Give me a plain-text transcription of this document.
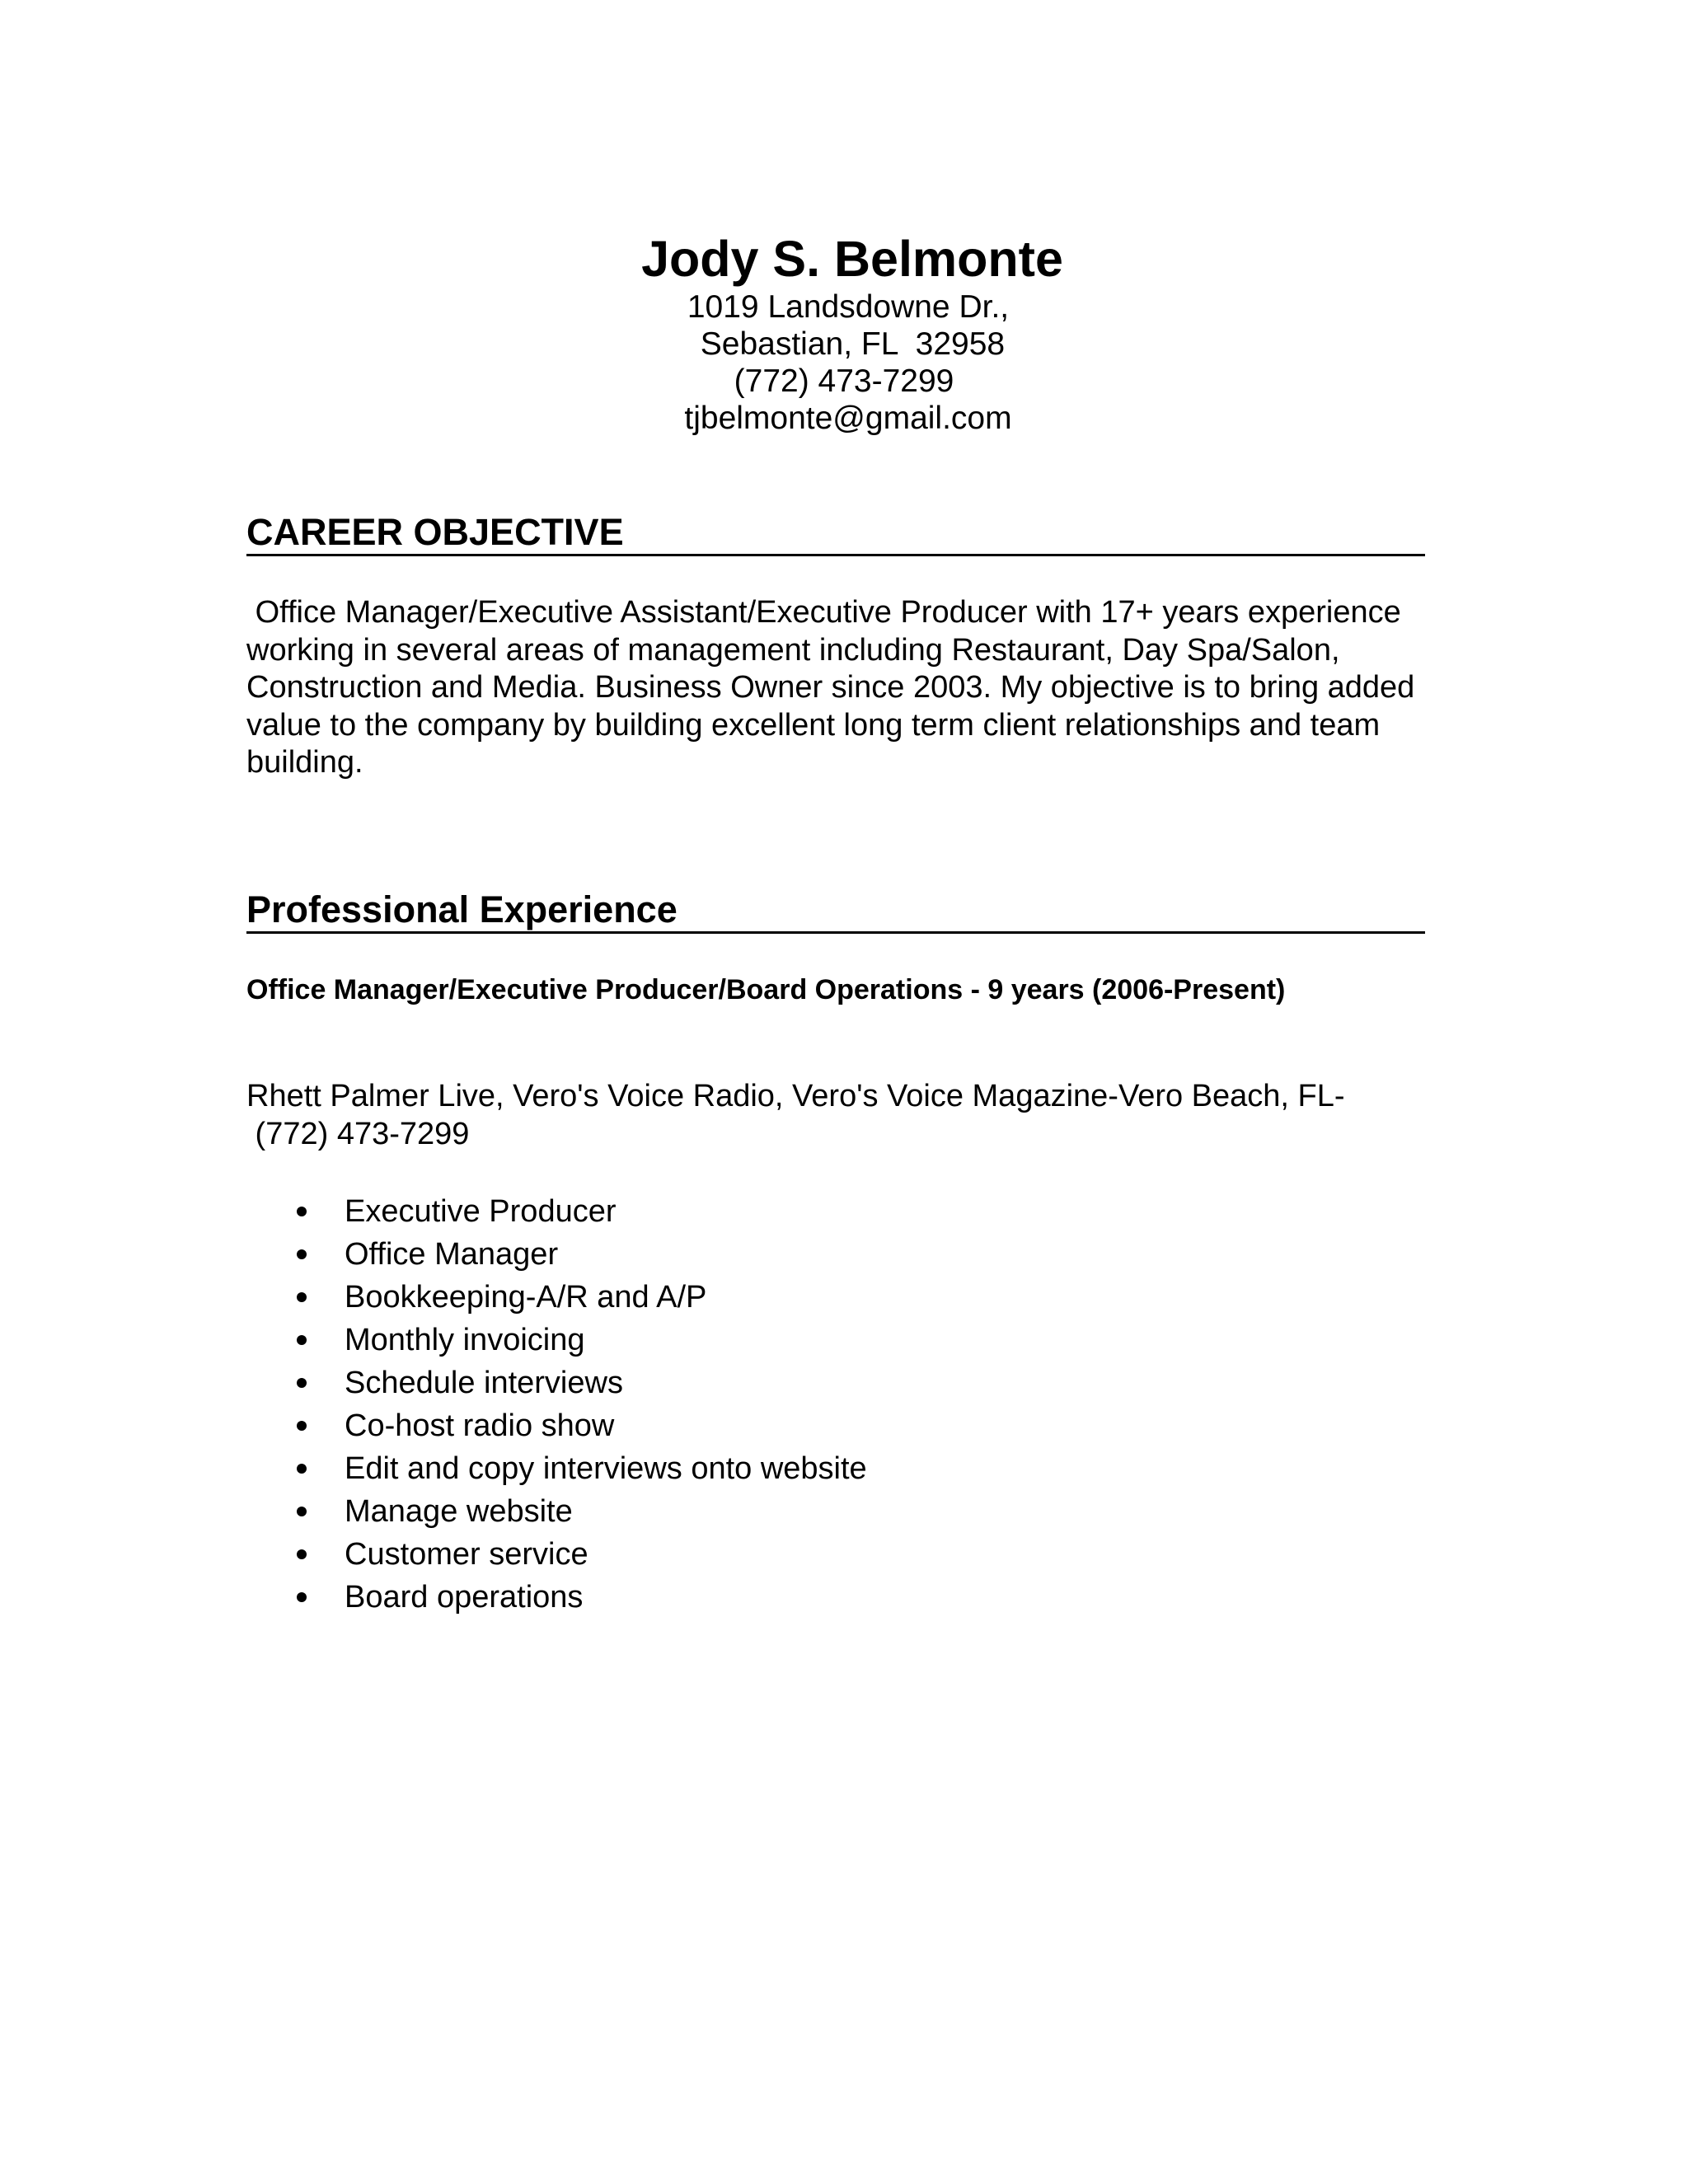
Jody S. Belmonte
1019 Landsdowne Dr.,
Sebastian, FL  32958
(772) 473-7299
tjbelmonte@gmail.com
CAREER OBJECTIVE
Office Manager/Executive Assistant/Executive Producer with 17+ years experience working in several areas of management including Restaurant, Day Spa/Salon, Construction and Media. Business Owner since 2003. My objective is to bring added value to the company by building excellent long term client relationships and team building.
Professional Experience
Office Manager/Executive Producer/Board Operations - 9 years (2006-Present)
Rhett Palmer Live, Vero's Voice Radio, Vero's Voice Magazine-Vero Beach, FL-
(772) 473-7299
Executive Producer
Office Manager
Bookkeeping-A/R and A/P
Monthly invoicing
Schedule interviews
Co-host radio show
Edit and copy interviews onto website
Manage website
Customer service
Board operations
